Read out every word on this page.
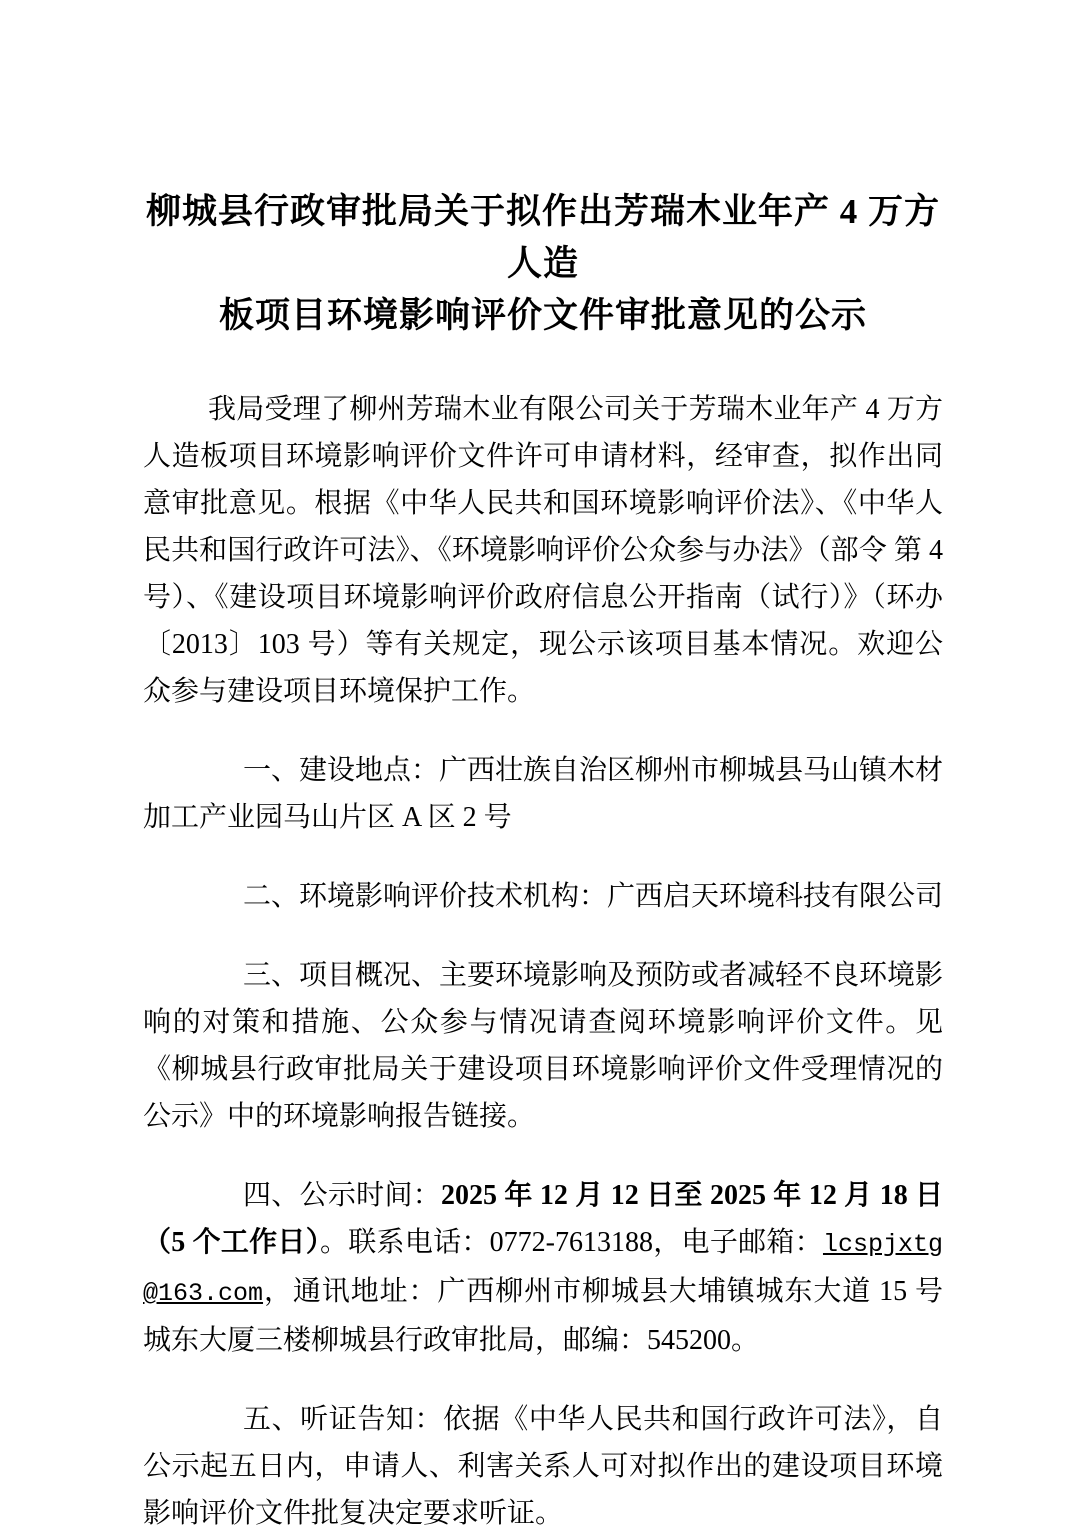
柳城县行政审批局关于拟作出芳瑞木业年产 4 万方人造
板项目环境影响评价文件审批意见的公示

我局受理了柳州芳瑞木业有限公司关于芳瑞木业年产 4 万方人造板项目环境影响评价文件许可申请材料，经审查，拟作出同意审批意见。根据《中华人民共和国环境影响评价法》、《中华人民共和国行政许可法》、《环境影响评价公众参与办法》（部令 第 4 号）、《建设项目环境影响评价政府信息公开指南（试行）》（环办〔2013〕103 号）等有关规定，现公示该项目基本情况。欢迎公众参与建设项目环境保护工作。

一、建设地点：广西壮族自治区柳州市柳城县马山镇木材加工产业园马山片区 A 区 2 号

二、环境影响评价技术机构：广西启天环境科技有限公司

三、项目概况、主要环境影响及预防或者减轻不良环境影响的对策和措施、公众参与情况请查阅环境影响评价文件。见《柳城县行政审批局关于建设项目环境影响评价文件受理情况的公示》中的环境影响报告链接。

四、公示时间：2025 年 12 月 12 日至 2025 年 12 月 18 日（5 个工作日）。联系电话：0772-7613188，电子邮箱：lcspjxtg@163.com，通讯地址：广西柳州市柳城县大埔镇城东大道 15 号城东大厦三楼柳城县行政审批局，邮编：545200。

五、听证告知：依据《中华人民共和国行政许可法》，自公示起五日内，申请人、利害关系人可对拟作出的建设项目环境影响评价文件批复决定要求听证。
